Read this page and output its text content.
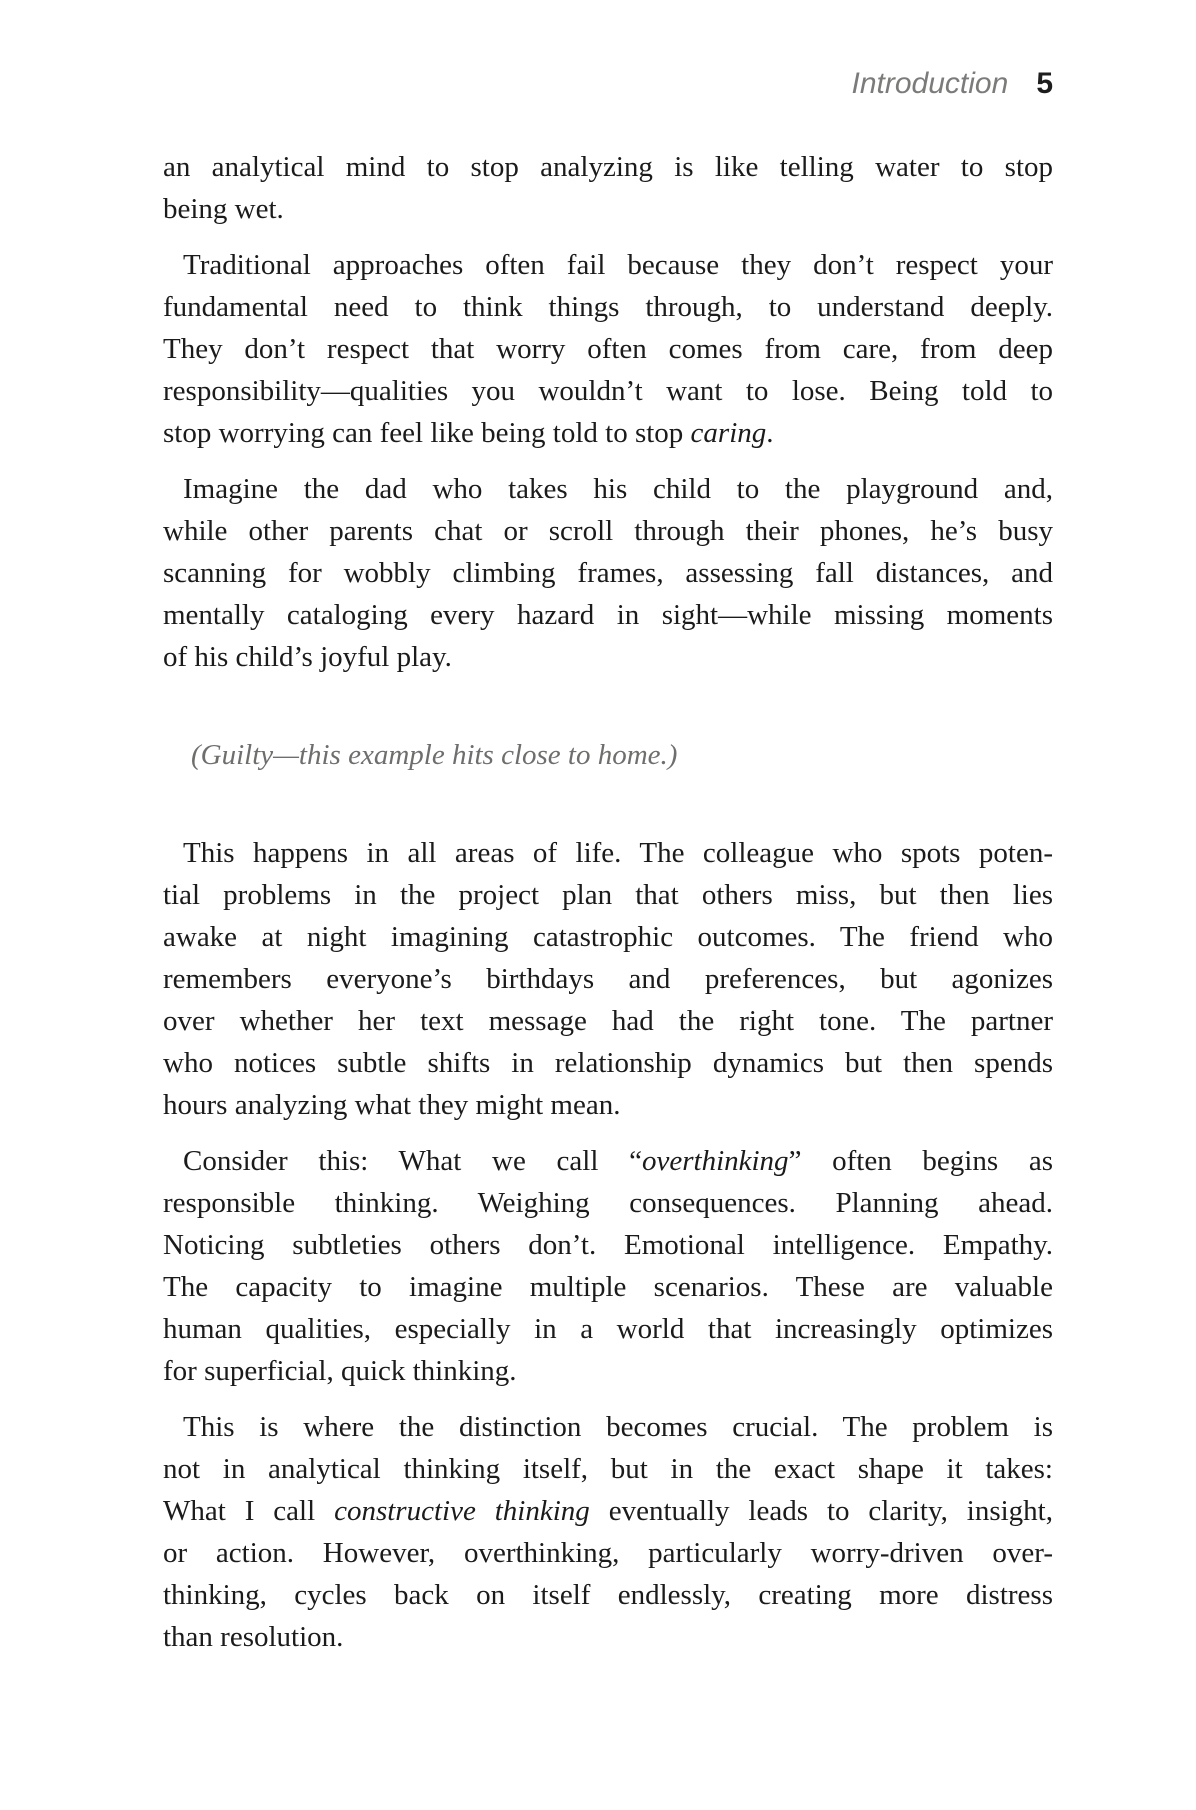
Introduction 5
an analytical mind to stop analyzing is like telling water to stop
being wet.
Traditional approaches often fail because they don’t respect your
fundamental need to think things through, to understand deeply.
They don’t respect that worry often comes from care, from deep
responsibility—qualities you wouldn’t want to lose. Being told to
stop worrying can feel like being told to stop caring.
Imagine the dad who takes his child to the playground and,
while other parents chat or scroll through their phones, he’s busy
scanning for wobbly climbing frames, assessing fall distances, and
mentally cataloging every hazard in sight—while missing moments
of his child’s joyful play.
(Guilty—this example hits close to home.)
This happens in all areas of life. The colleague who spots poten-
tial problems in the project plan that others miss, but then lies
awake at night imagining catastrophic outcomes. The friend who
remembers everyone’s birthdays and preferences, but agonizes
over whether her text message had the right tone. The partner
who notices subtle shifts in relationship dynamics but then spends
hours analyzing what they might mean.
Consider this: What we call “overthinking” often begins as
responsible thinking. Weighing consequences. Planning ahead.
Noticing subtleties others don’t. Emotional intelligence. Empathy.
The capacity to imagine multiple scenarios. These are valuable
human qualities, especially in a world that increasingly optimizes
for superficial, quick thinking.
This is where the distinction becomes crucial. The problem is
not in analytical thinking itself, but in the exact shape it takes:
What I call constructive thinking eventually leads to clarity, insight,
or action. However, overthinking, particularly worry-driven over-
thinking, cycles back on itself endlessly, creating more distress
than resolution.
